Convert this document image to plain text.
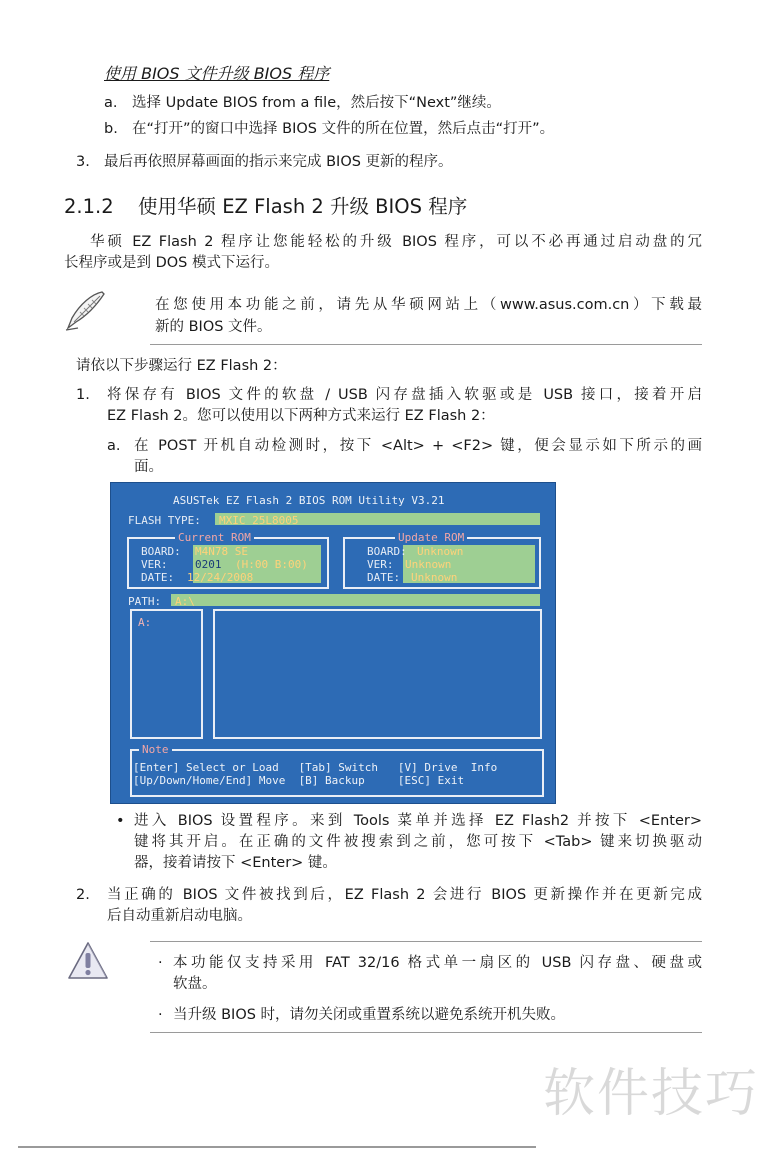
使用 BIOS 文件升级 BIOS 程序
a. 选择 Update BIOS from a file，然后按下“Next”继续。
b. 在“打开”的窗口中选择 BIOS 文件的所在位置，然后点击“打开”。
3. 最后再依照屏幕画面的指示来完成 BIOS 更新的程序。
2.1.2 使用华硕 EZ Flash 2 升级 BIOS 程序
华硕 EZ Flash 2 程序让您能轻松的升级 BIOS 程序，可以不必再通过启动盘的冗
长程序或是到 DOS 模式下运行。
在您使用本功能之前，请先从华硕网站上（www.asus.com.cn）下载最
新的 BIOS 文件。
请依以下步骤运行 EZ Flash 2：
1. 将保存有 BIOS 文件的软盘 / USB 闪存盘插入软驱或是 USB 接口，接着开启
EZ Flash 2。您可以使用以下两种方式来运行 EZ Flash 2：
a. 在 POST 开机自动检测时，按下 <Alt> + <F2> 键，便会显示如下所示的画
面。
ASUSTek EZ Flash 2 BIOS ROM Utility V3.21
FLASH TYPE: MXIC 25L8005
Current ROM
BOARD: M4N78 SE
VER:	0201 (H:00 B:00)
DATE: 12/24/2008
Update ROM
BOARD: Unknown
VER: Unknown
DATE: Unknown
PATH: A:\
A:
Note
[Enter] Select or Load   [Tab] Switch   [V] Drive  Info
[Up/Down/Home/End] Move  [B] Backup     [ESC] Exit
• 进入 BIOS 设置程序。来到 Tools 菜单并选择 EZ Flash2 并按下 <Enter>
键将其开启。在正确的文件被搜索到之前，您可按下 <Tab> 键来切换驱动
器，接着请按下 <Enter> 键。
2. 当正确的 BIOS 文件被找到后，EZ Flash 2 会进行 BIOS 更新操作并在更新完成
后自动重新启动电脑。
· 本功能仅支持采用 FAT 32/16 格式单一扇区的 USB 闪存盘、硬盘或
软盘。
· 当升级 BIOS 时，请勿关闭或重置系统以避免系统开机失败。
软件技巧
